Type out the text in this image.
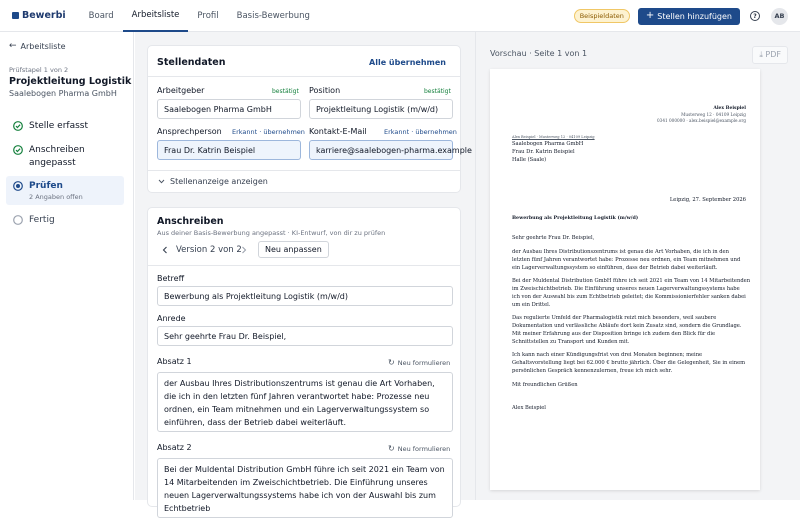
Bewerbi	Board	Arbeitsliste	Profil	Basis-Bewerbung	Beispieldaten	+ Stellen hinzufügen	?	AB
← Arbeitsliste
Prüfstapel 1 von 2
Projektleitung Logistik
Saalebogen Pharma GmbH
Stelle erfasst
Anschreiben angepasst
Prüfen
2 Angaben offen
Fertig
Stellendaten	Alle übernehmen
Arbeitgeber	bestätigt
Saalebogen Pharma GmbH
Position	bestätigt
Projektleitung Logistik (m/w/d)
Ansprechperson Erkannt · übernehmen
Frau Dr. Katrin Beispiel
Kontakt-E-Mail	Erkannt · übernehmen
karriere@saalebogen-pharma.example
Stellenanzeige anzeigen
Anschreiben
Aus deiner Basis-Bewerbung angepasst · KI-Entwurf, von dir zu prüfen
Version 2 von 2	Neu anpassen
Betreff
Bewerbung als Projektleitung Logistik (m/w/d)
Anrede
Sehr geehrte Frau Dr. Beispiel,
Absatz 1	↻ Neu formulieren
der Ausbau Ihres Distributionszentrums ist genau die Art Vorhaben, die ich in den letzten fünf Jahren verantwortet habe: Prozesse neu ordnen, ein Team mitnehmen und ein Lagerverwaltungssystem so einführen, dass der Betrieb dabei weiterläuft.
Absatz 2	↻ Neu formulieren
Bei der Muldental Distribution GmbH führe ich seit 2021 ein Team von 14 Mitarbeitenden im Zweischichtbetrieb. Die Einführung unseres neuen Lagerverwaltungssystems habe ich von der Auswahl bis zum Echtbetrieb
Vorschau · Seite 1 von 1	⤓ PDF
Alex Beispiel
Musterweg 12 · 04109 Leipzig
0341 000000 · alex.beispiel@example.org
Alex Beispiel · Musterweg 12 · 04109 Leipzig
Saalebogen Pharma GmbH
Frau Dr. Katrin Beispiel
Halle (Saale)
Leipzig, 27. September 2026
Bewerbung als Projektleitung Logistik (m/w/d)
Sehr geehrte Frau Dr. Beispiel,
der Ausbau Ihres Distributionszentrums ist genau die Art Vorhaben, die ich in den
letzten fünf Jahren verantwortet habe: Prozesse neu ordnen, ein Team mitnehmen und
ein Lagerverwaltungssystem so einführen, dass der Betrieb dabei weiterläuft.
Bei der Muldental Distribution GmbH führe ich seit 2021 ein Team von 14 Mitarbeitenden
im Zweischichtbetrieb. Die Einführung unseres neuen Lagerverwaltungssystems habe
ich von der Auswahl bis zum Echtbetrieb geleitet; die Kommissionierfehler sanken dabei
um ein Drittel.
Das regulierte Umfeld der Pharmalogistik reizt mich besonders, weil saubere
Dokumentation und verlässliche Abläufe dort kein Zusatz sind, sondern die Grundlage.
Mit meiner Erfahrung aus der Disposition bringe ich zudem den Blick für die
Schnittstellen zu Transport und Kunden mit.
Ich kann nach einer Kündigungsfrist von drei Monaten beginnen; meine
Gehaltsvorstellung liegt bei 62.000 € brutto jährlich. Über die Gelegenheit, Sie in einem
persönlichen Gespräch kennenzulernen, freue ich mich sehr.
Mit freundlichen Grüßen
Alex Beispiel
